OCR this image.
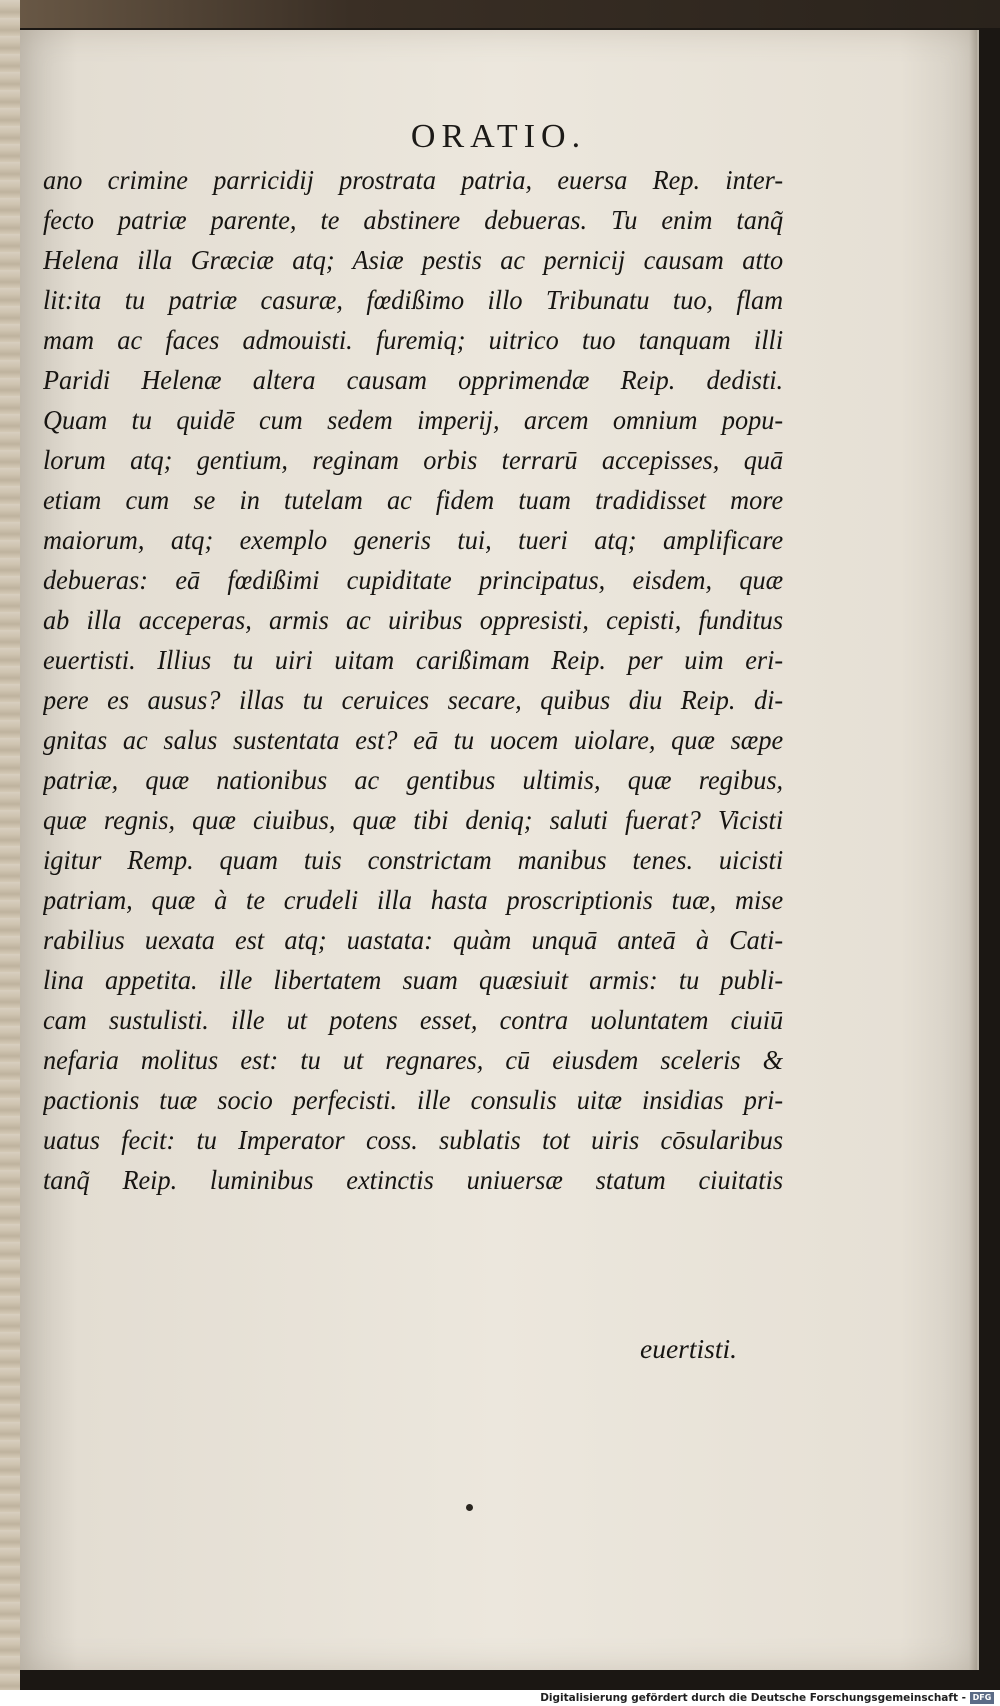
ORATIO.
ano crimine parricidij prostrata patria, euersa Rep. inter-
fecto patriæ parente, te abstinere debueras. Tu enim tanq̃
Helena illa Græciæ atq; Asiæ pestis ac pernicij causam atto
lit:ita tu patriæ casuræ, fœdißimo illo Tribunatu tuo, flam
mam ac faces admouisti. furemiq; uitrico tuo tanquam illi
Paridi Helenæ altera causam opprimendæ Reip. dedisti.
Quam tu quidē cum sedem imperij, arcem omnium popu-
lorum atq; gentium, reginam orbis terrarū accepisses, quā
etiam cum se in tutelam ac fidem tuam tradidisset more
maiorum, atq; exemplo generis tui, tueri atq; amplificare
debueras: eā fœdißimi cupiditate principatus, eisdem, quæ
ab illa acceperas, armis ac uiribus oppresisti, cepisti, funditus
euertisti. Illius tu uiri uitam carißimam Reip. per uim eri-
pere es ausus? illas tu ceruices secare, quibus diu Reip. di-
gnitas ac salus sustentata est? eā tu uocem uiolare, quæ sæpe
patriæ, quæ nationibus ac gentibus ultimis, quæ regibus,
quæ regnis, quæ ciuibus, quæ tibi deniq; saluti fuerat? Vicisti
igitur Remp. quam tuis constrictam manibus tenes. uicisti
patriam, quæ à te crudeli illa hasta proscriptionis tuæ, mise
rabilius uexata est atq; uastata: quàm unquā anteā à Cati-
lina appetita. ille libertatem suam quæsiuit armis: tu publi-
cam sustulisti. ille ut potens esset, contra uoluntatem ciuiū
nefaria molitus est: tu ut regnares, cū eiusdem sceleris &
pactionis tuæ socio perfecisti. ille consulis uitæ insidias pri-
uatus fecit: tu Imperator coss. sublatis tot uiris cōsularibus
tanq̃ Reip. luminibus extinctis uniuersæ statum ciuitatis
euertisti.
Digitalisierung gefördert durch die Deutsche Forschungsgemeinschaft - DFG
